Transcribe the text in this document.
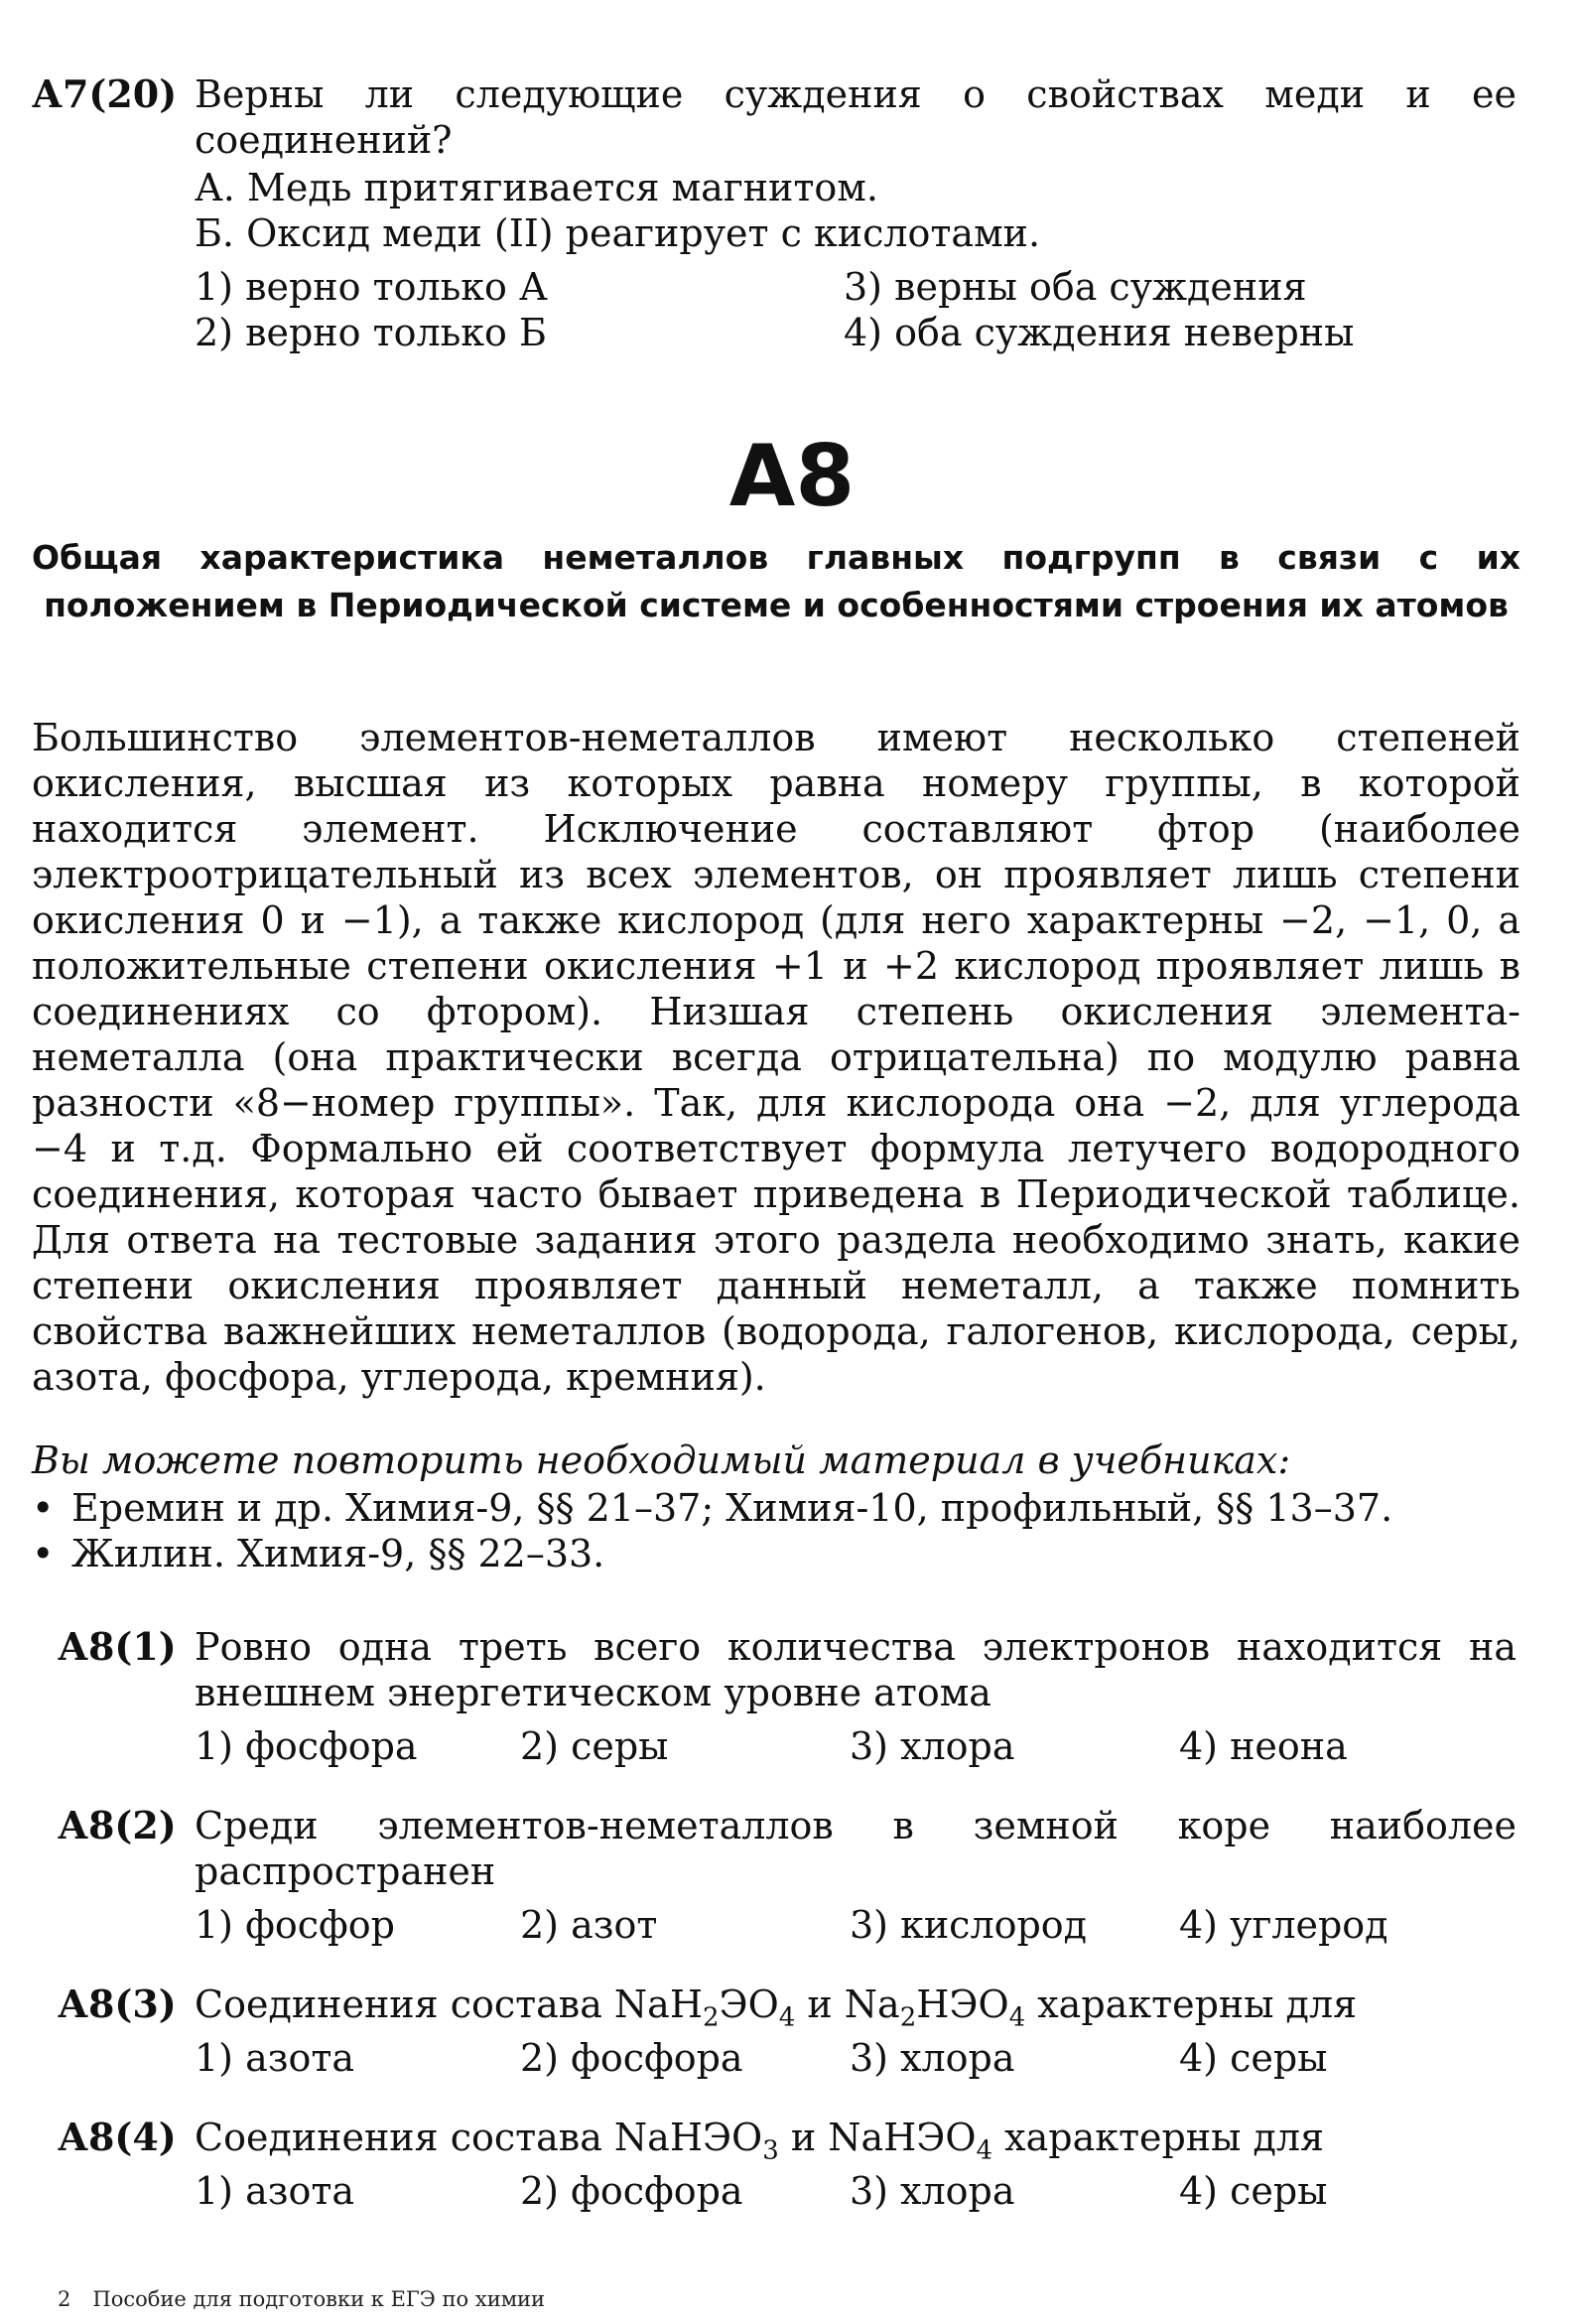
А7(20) Верны ли следующие суждения о свойствах меди и ее соединений?
А. Медь притягивается магнитом.
Б. Оксид меди (II) реагирует с кислотами.
1) верно только А	3) верны оба суждения
2) верно только Б	4) оба суждения неверны
А8
Общая характеристика неметаллов главных подгрупп в связи с их положением в Периодической системе и особенностями строения их атомов
Большинство элементов-неметаллов имеют несколько степеней окисления, высшая из которых равна номеру группы, в которой находится элемент. Исключение составляют фтор (наиболее электроотрицательный из всех элементов, он проявляет лишь степени окисления 0 и −1), а также кислород (для него характерны −2, −1, 0, а положительные степени окисления +1 и +2 кислород проявляет лишь в соединениях со фтором). Низшая степень окисления элемента-неметалла (она практически всегда отрицательна) по модулю равна разности «8−номер группы». Так, для кислорода она −2, для углерода −4 и т.д. Формально ей соответствует формула летучего водородного соединения, которая часто бывает приведена в Периодической таблице. Для ответа на тестовые задания этого раздела необходимо знать, какие степени окисления проявляет данный неметалл, а также помнить свойства важнейших неметаллов (водорода, галогенов, кислорода, серы, азота, фосфора, углерода, кремния).
Вы можете повторить необходимый материал в учебниках:
• Еремин и др. Химия-9, §§ 21–37; Химия-10, профильный, §§ 13–37.
• Жилин. Химия-9, §§ 22–33.
А8(1) Ровно одна треть всего количества электронов находится на внешнем энергетическом уровне атома
1) фосфора	2) серы	3) хлора	4) неона
А8(2) Среди элементов-неметаллов в земной коре наиболее распространен
1) фосфор	2) азот	3) кислород 4) углерод
А8(3) Соединения состава $NaH_2ЭО_4$ и $Na_2HЭО_4$ характерны для
1) азота	2) фосфора	3) хлора	4) серы
А8(4) Соединения состава NaHЭО$_3$ и NaHЭО$_4$ характерны для
1) азота	2) фосфора	3) хлора	4) серы
2 Пособие для подготовки к ЕГЭ по химии
